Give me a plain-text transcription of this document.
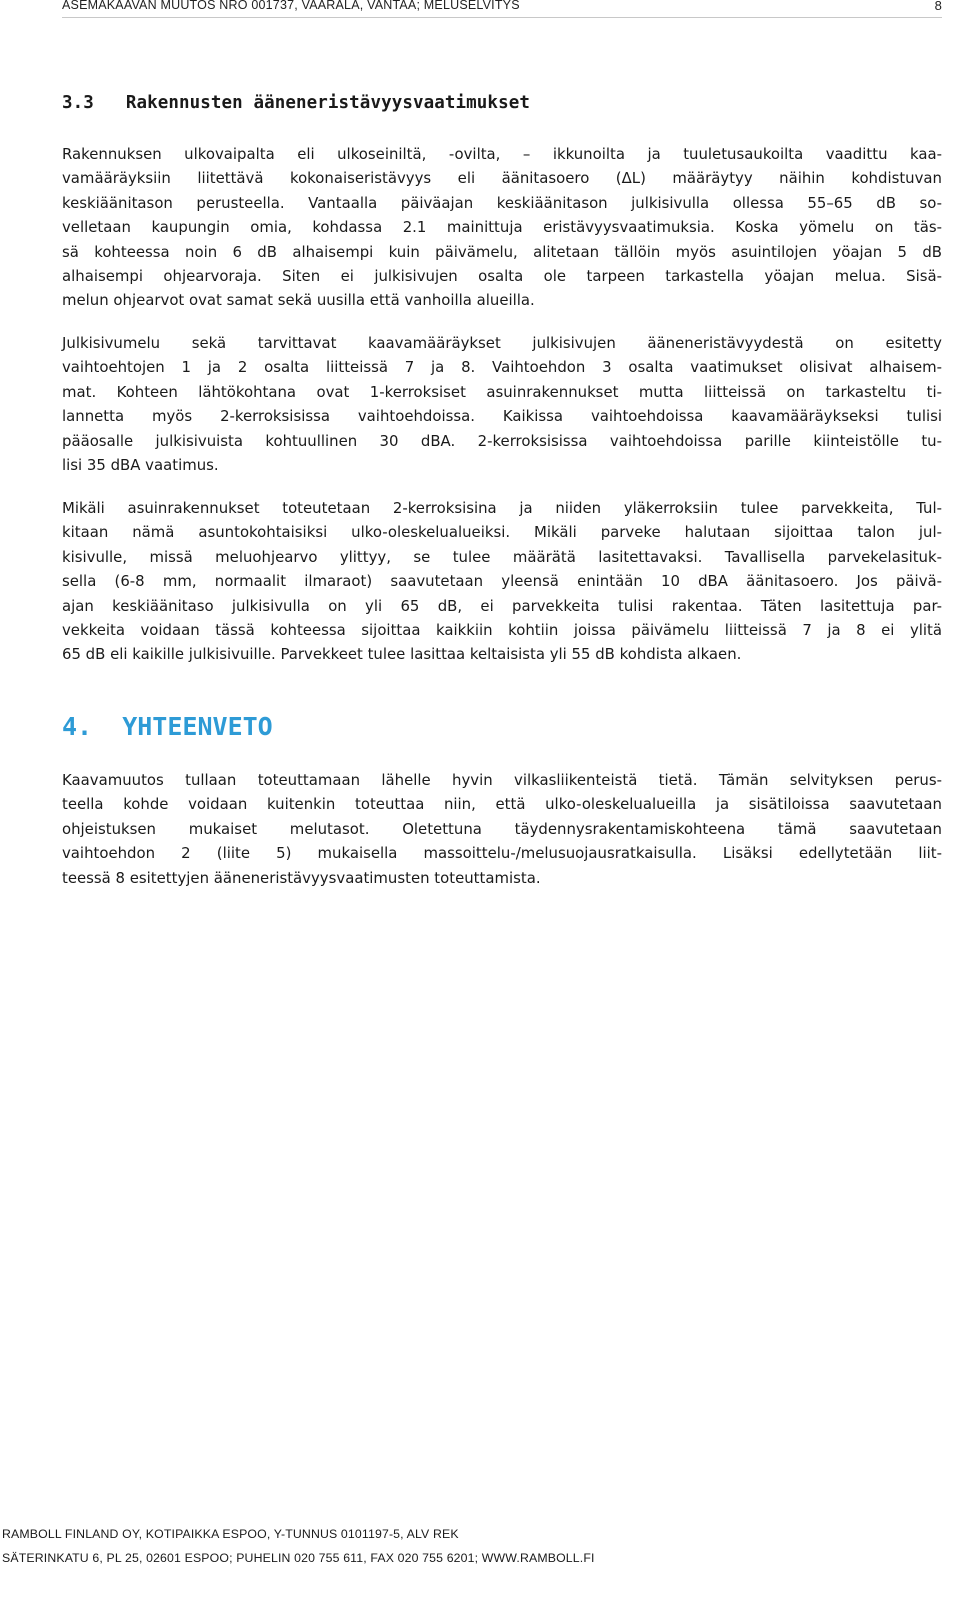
ASEMAKAAVAN MUUTOS NRO 001737, VAARALA, VANTAA; MELUSELVITYS	8
3.3   Rakennusten ääneneristävyysvaatimukset
Rakennuksen ulkovaipalta eli ulkoseiniltä, -ovilta, – ikkunoilta ja tuuletusaukoilta vaadittu kaa-
vamääräyksiin liitettävä kokonaiseristävyys eli äänitasoero (ΔL) määräytyy näihin kohdistuvan
keskiäänitason perusteella. Vantaalla päiväajan keskiäänitason julkisivulla ollessa 55–65 dB so-
velletaan kaupungin omia, kohdassa 2.1 mainittuja eristävyysvaatimuksia. Koska yömelu on täs-
sä kohteessa noin 6 dB alhaisempi kuin päivämelu, alitetaan tällöin myös asuintilojen yöajan 5 dB
alhaisempi ohjearvoraja. Siten ei julkisivujen osalta ole tarpeen tarkastella yöajan melua. Sisä-
melun ohjearvot ovat samat sekä uusilla että vanhoilla alueilla.
Julkisivumelu sekä tarvittavat kaavamääräykset julkisivujen ääneneristävyydestä on esitetty
vaihtoehtojen 1 ja 2 osalta liitteissä 7 ja 8. Vaihtoehdon 3 osalta vaatimukset olisivat alhaisem-
mat. Kohteen lähtökohtana ovat 1-kerroksiset asuinrakennukset mutta liitteissä on tarkasteltu ti-
lannetta myös 2-kerroksisissa vaihtoehdoissa. Kaikissa vaihtoehdoissa kaavamääräykseksi tulisi
pääosalle julkisivuista kohtuullinen 30 dBA. 2-kerroksisissa vaihtoehdoissa parille kiinteistölle tu-
lisi 35 dBA vaatimus.
Mikäli asuinrakennukset toteutetaan 2-kerroksisina ja niiden yläkerroksiin tulee parvekkeita, Tul-
kitaan nämä asuntokohtaisiksi ulko-oleskelualueiksi. Mikäli parveke halutaan sijoittaa talon jul-
kisivulle, missä meluohjearvo ylittyy, se tulee määrätä lasitettavaksi. Tavallisella parvekelasituk-
sella (6-8 mm, normaalit ilmaraot) saavutetaan yleensä enintään 10 dBA äänitasoero. Jos päivä-
ajan keskiäänitaso julkisivulla on yli 65 dB, ei parvekkeita tulisi rakentaa. Täten lasitettuja par-
vekkeita voidaan tässä kohteessa sijoittaa kaikkiin kohtiin joissa päivämelu liitteissä 7 ja 8 ei ylitä
65 dB eli kaikille julkisivuille. Parvekkeet tulee lasittaa keltaisista yli 55 dB kohdista alkaen.
4.  YHTEENVETO
Kaavamuutos tullaan toteuttamaan lähelle hyvin vilkasliikenteistä tietä. Tämän selvityksen perus-
teella kohde voidaan kuitenkin toteuttaa niin, että ulko-oleskelualueilla ja sisätiloissa saavutetaan
ohjeistuksen mukaiset melutasot. Oletettuna täydennysrakentamiskohteena tämä saavutetaan
vaihtoehdon 2 (liite 5) mukaisella massoittelu-/melusuojausratkaisulla. Lisäksi edellytetään liit-
teessä 8 esitettyjen ääneneristävyysvaatimusten toteuttamista.
RAMBOLL FINLAND OY, KOTIPAIKKA ESPOO, Y-TUNNUS 0101197-5, ALV REK
SÄTERINKATU 6, PL 25, 02601 ESPOO; PUHELIN 020 755 611, FAX 020 755 6201; WWW.RAMBOLL.FI
